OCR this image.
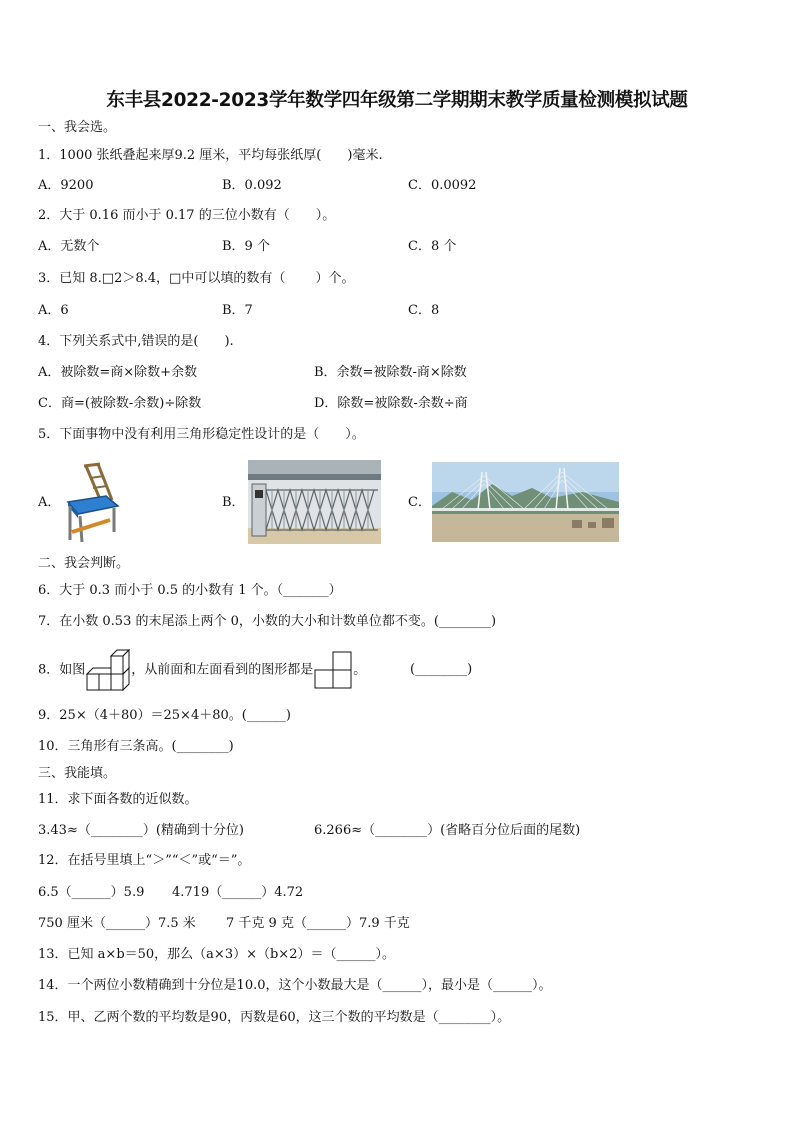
东丰县2022-2023学年数学四年级第二学期期末教学质量检测模拟试题
一、我会选。
1．1000 张纸叠起来厚9.2 厘米，平均每张纸厚(　　)毫米.
A．9200	B．0.092	C．0.0092
2．大于 0.16 而小于 0.17 的三位小数有（　　）。
A．无数个	B．9 个	C．8 个
3．已知 8.□2＞8.4，□中可以填的数有（　　 ）个。
A．6	B．7	C．8
4．下列关系式中,错误的是(　　).
A．被除数=商×除数+余数	B．余数=被除数-商×除数
C．商=(被除数-余数)÷除数	D．除数=被除数-余数÷商
5．下面事物中没有利用三角形稳定性设计的是（　　）。
A．	B．	C．
二、我会判断。
6．大于 0.3 而小于 0.5 的小数有 1 个。（_______）
7．在小数 0.53 的末尾添上两个 0，小数的大小和计数单位都不变。(________)
8．如图	，从前面和左面看到的图形都是	。	(________)
9．25×（4＋80）＝25×4＋80。(______)
10．三角形有三条高。(________)
三、我能填。
11．求下面各数的近似数。
3.43≈（________）(精确到十分位)	6.266≈（________）(省略百分位后面的尾数)
12．在括号里填上“＞”“＜”或“＝”。
6.5（______）5.9 4.719（______）4.72
750 厘米（______）7.5 米 7 千克 9 克（______）7.9 千克
13．已知 a×b＝50，那么（a×3）×（b×2）＝（______）。
14．一个两位小数精确到十分位是10.0，这个小数最大是（______），最小是（______）。
15．甲、乙两个数的平均数是90，丙数是60，这三个数的平均数是（________）。
